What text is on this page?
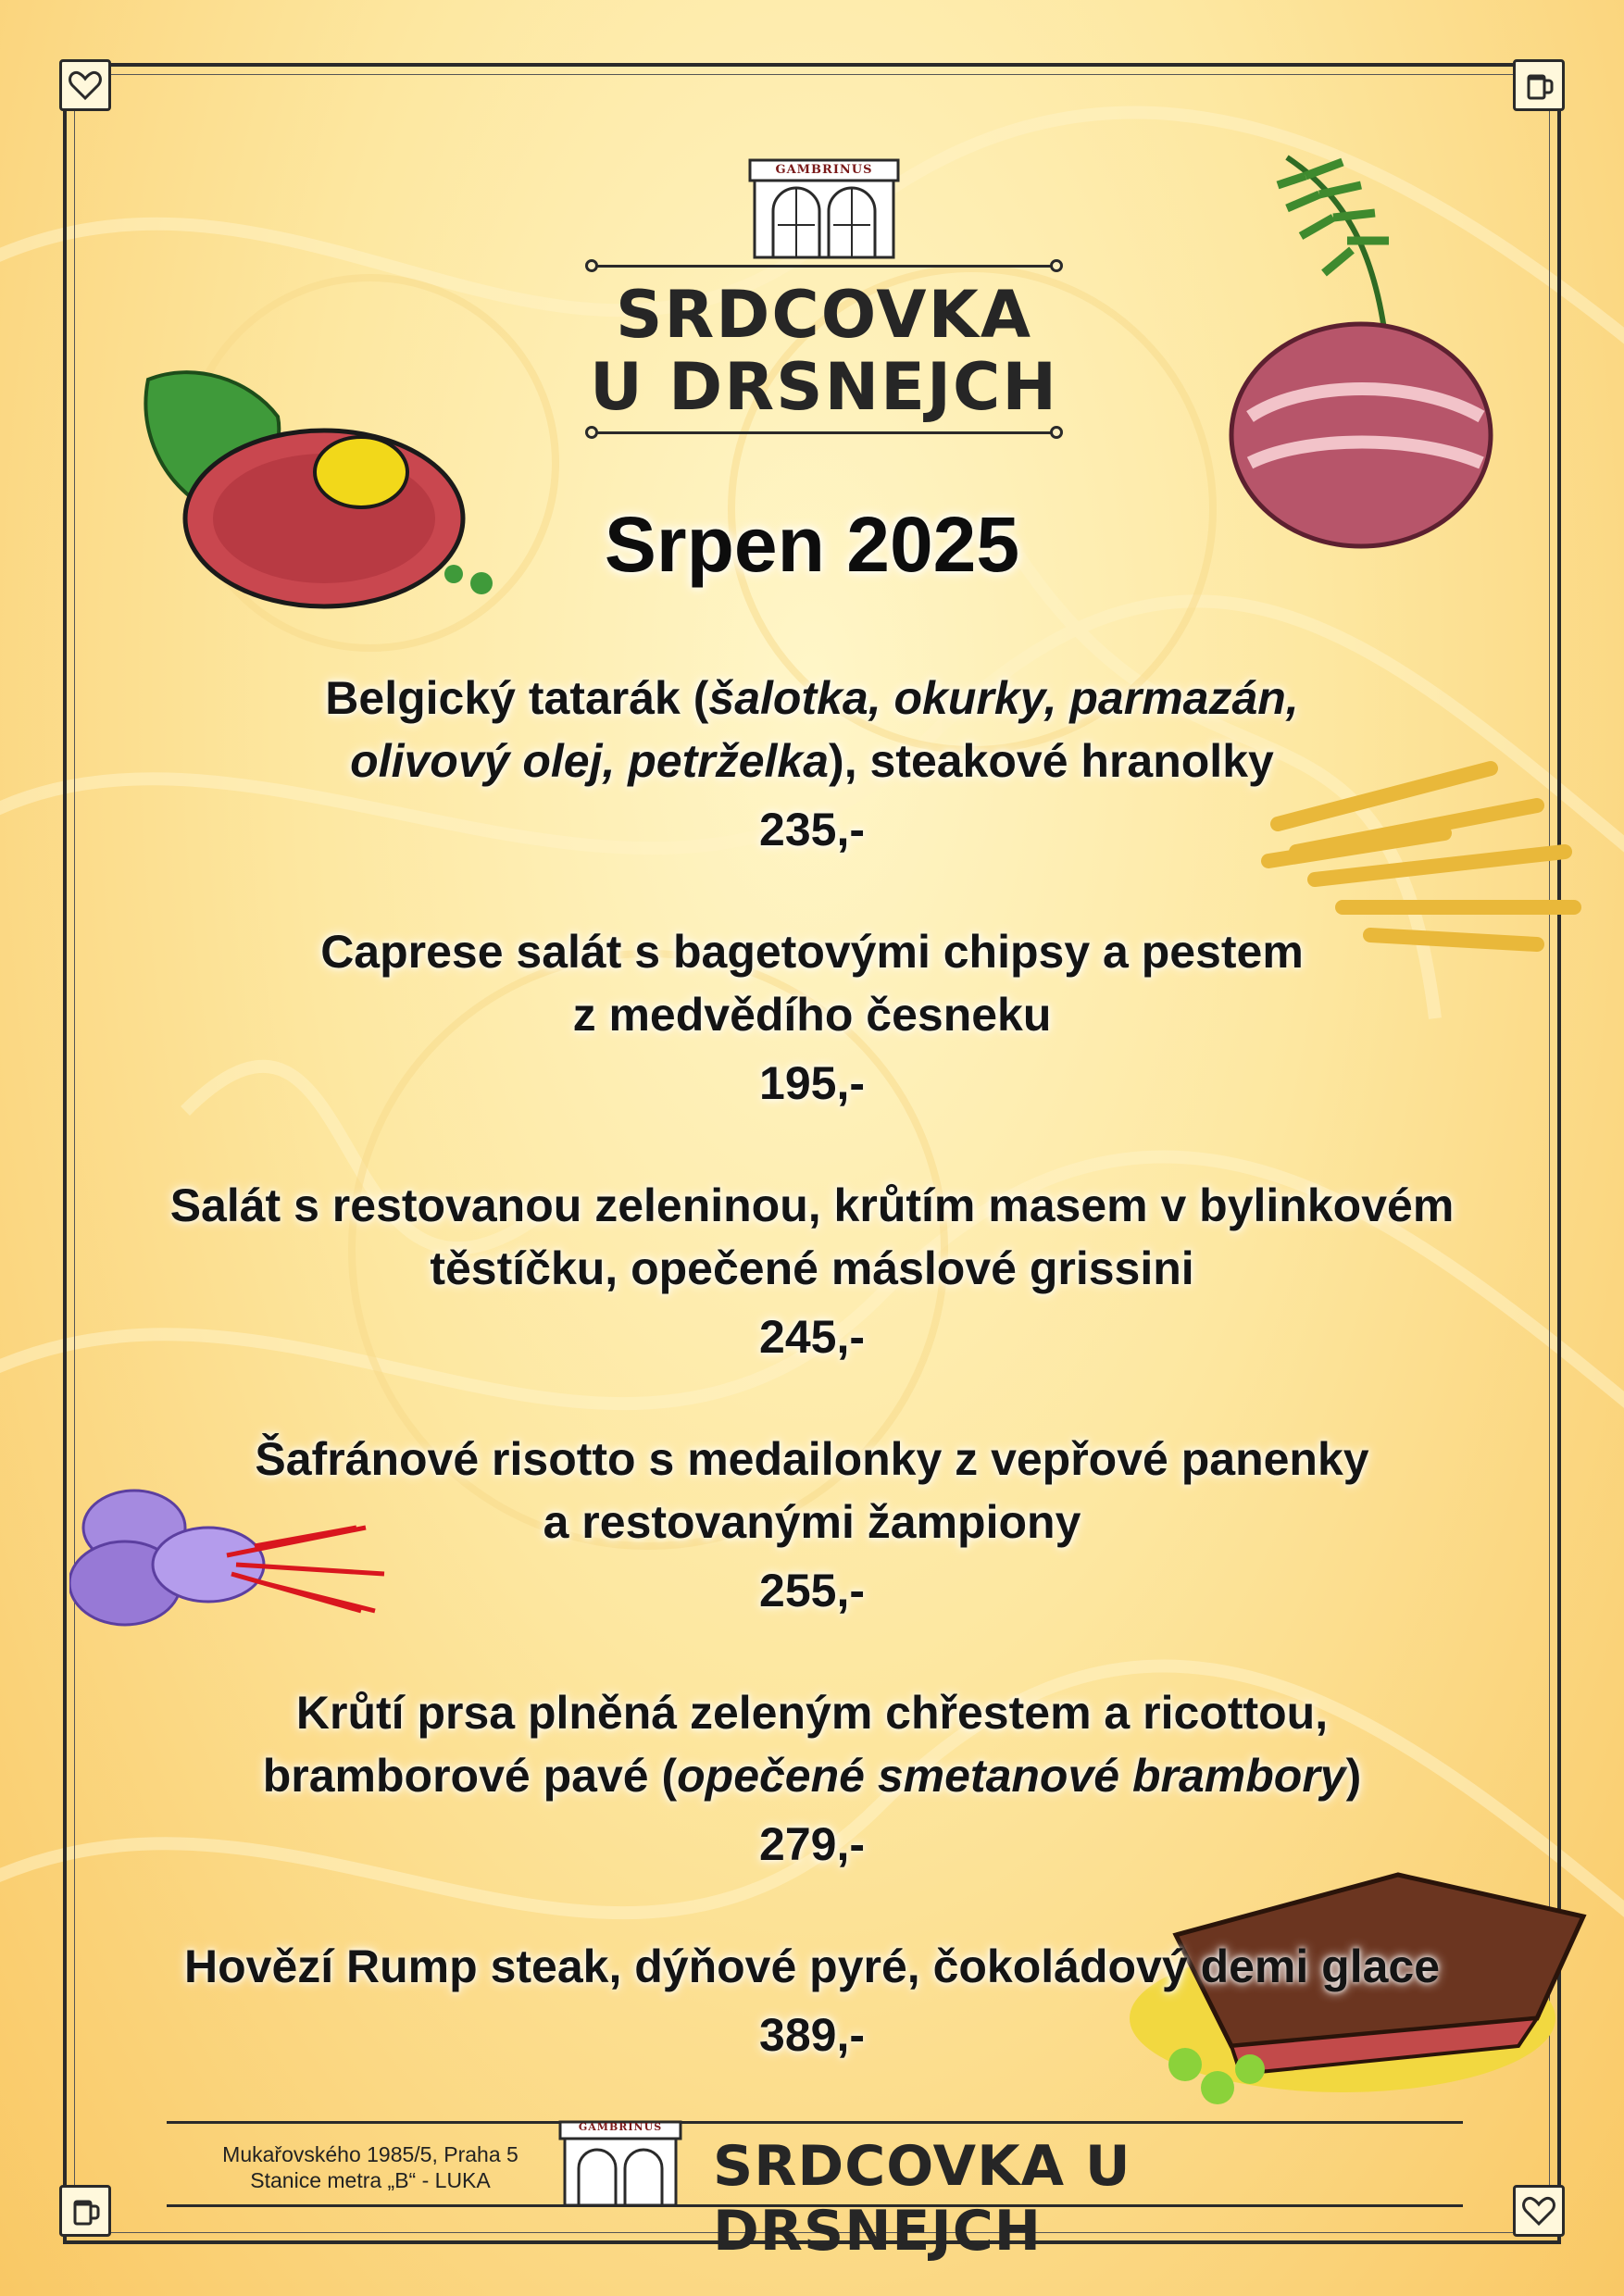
GAMBRINUS
SRDCOVKA
U DRSNEJCH
Srpen 2025
Belgický tatarák (šalotka, okurky, parmazán,
olivový olej, petrželka), steakové hranolky
235,-
Caprese salát s bagetovými chipsy a pestem
z medvědího česneku
195,-
Salát s restovanou zeleninou, krůtím masem v bylinkovém
těstíčku, opečené máslové grissini
245,-
Šafránové risotto s medailonky z vepřové panenky
a restovanými žampiony
255,-
Krůtí prsa plněná zeleným chřestem a ricottou,
bramborové pavé (opečené smetanové brambory)
279,-
Hovězí Rump steak, dýňové pyré, čokoládový demi glace
389,-
Mukařovského 1985/5, Praha 5
Stanice metra „B“ - LUKA
GAMBRINUS
SRDCOVKA U DRSNEJCH
